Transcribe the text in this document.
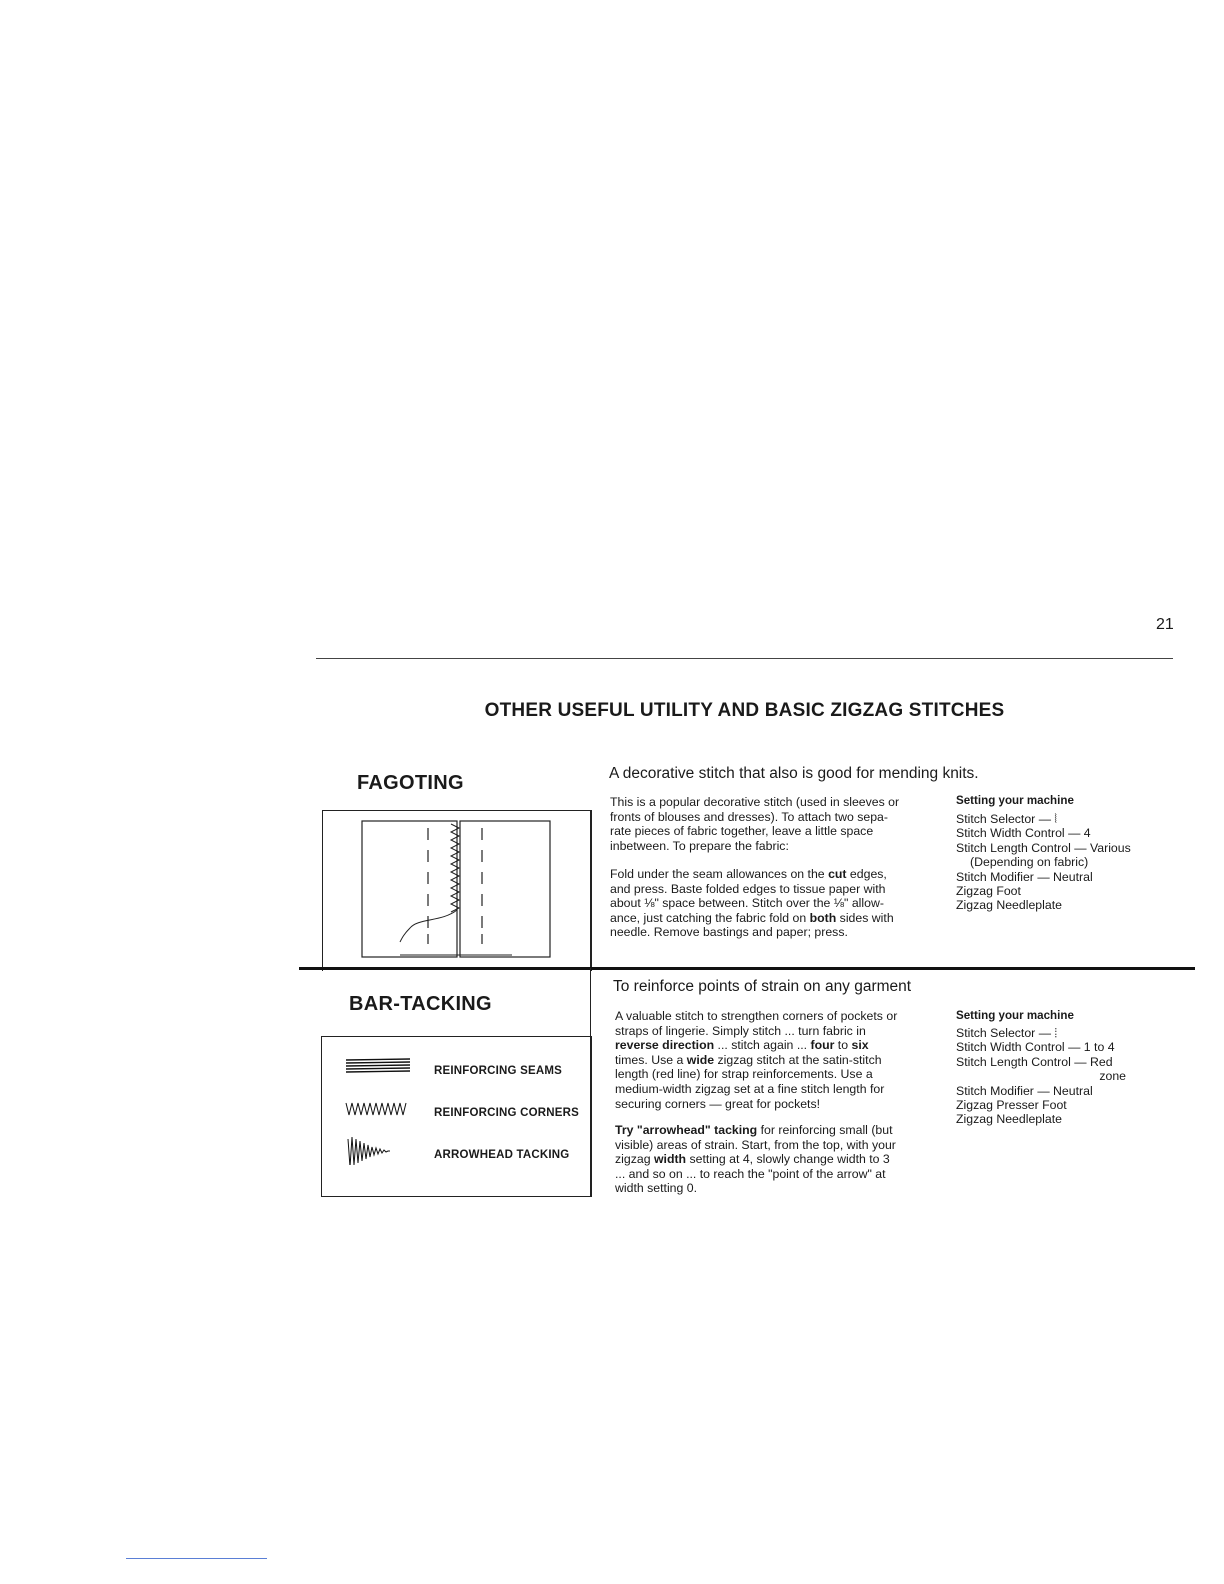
21
OTHER USEFUL UTILITY AND BASIC ZIGZAG STITCHES
FAGOTING	A decorative stitch that also is good for mending knits.
This is a popular decorative stitch (used in sleeves or
fronts of blouses and dresses). To attach two sepa-
rate pieces of fabric together, leave a little space
inbetween. To prepare the fabric:
Fold under the seam allowances on the cut edges,
and press. Baste folded edges to tissue paper with
about ⅛" space between. Stitch over the ⅛" allow-
ance, just catching the fabric fold on both sides with
needle. Remove bastings and paper; press.
Setting your machine
Stitch Selector — ⦚
Stitch Width Control — 4
Stitch Length Control — Various
(Depending on fabric)
Stitch Modifier — Neutral
Zigzag Foot
Zigzag Needleplate
BAR-TACKING
To reinforce points of strain on any garment
REINFORCING SEAMS
REINFORCING CORNERS
ARROWHEAD TACKING
A valuable stitch to strengthen corners of pockets or
straps of lingerie. Simply stitch ... turn fabric in
reverse direction ... stitch again ... four to six
times. Use a wide zigzag stitch at the satin-stitch
length (red line) for strap reinforcements. Use a
medium-width zigzag set at a fine stitch length for
securing corners — great for pockets!
Try "arrowhead" tacking for reinforcing small (but
visible) areas of strain. Start, from the top, with your
zigzag width setting at 4, slowly change width to 3
... and so on ... to reach the "point of the arrow" at
width setting 0.
Setting your machine
Stitch Selector — ⦙
Stitch Width Control — 1 to 4
Stitch Length Control — Red
zone
Stitch Modifier — Neutral
Zigzag Presser Foot
Zigzag Needleplate
